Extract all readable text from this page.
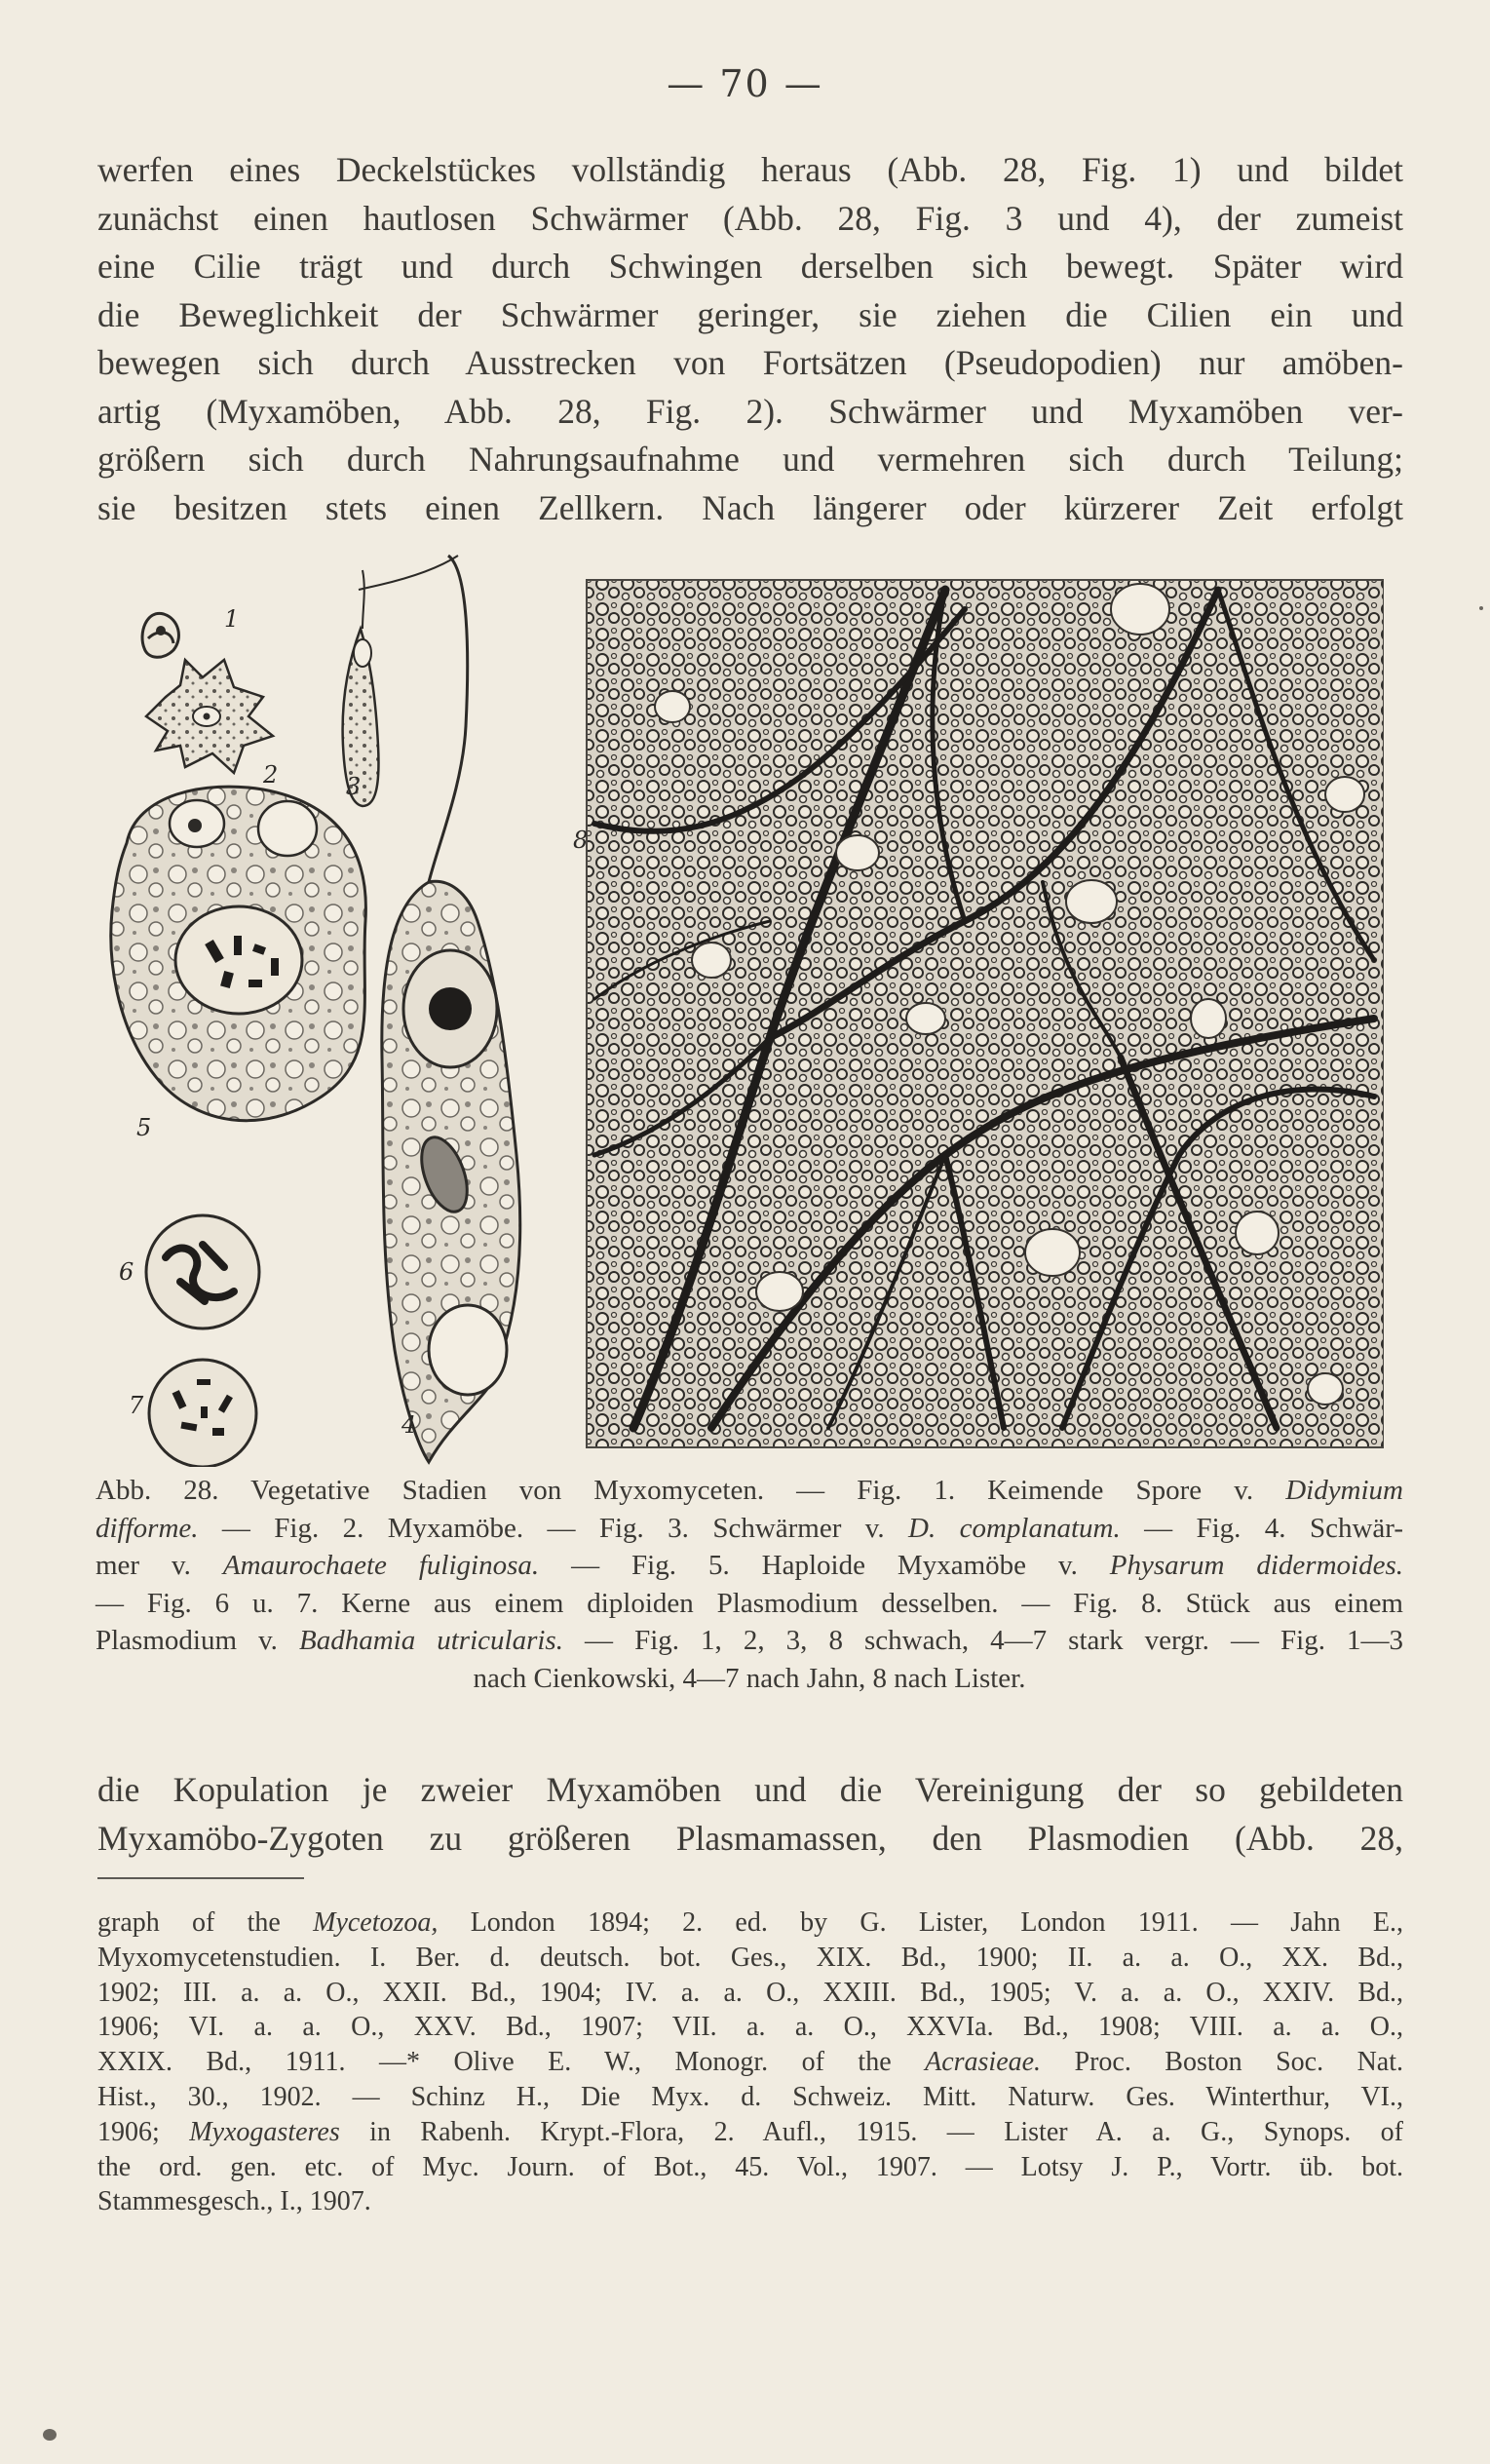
— 70 —
werfen eines Deckelstückes vollständig heraus (Abb. 28, Fig. 1) und bildet
zunächst einen hautlosen Schwärmer (Abb. 28, Fig. 3 und 4), der zumeist
eine Cilie trägt und durch Schwingen derselben sich bewegt. Später wird
die Beweglichkeit der Schwärmer geringer, sie ziehen die Cilien ein und
bewegen sich durch Ausstrecken von Fortsätzen (Pseudopodien) nur amöben-
artig (Myxamöben, Abb. 28, Fig. 2). Schwärmer und Myxamöben ver-
größern sich durch Nahrungsaufnahme und vermehren sich durch Teilung;
sie besitzen stets einen Zellkern. Nach längerer oder kürzerer Zeit erfolgt
1
2	3
4
5
6
7
8
Abb. 28. Vegetative Stadien von Myxomyceten. — Fig. 1. Keimende Spore v. Didymium
difforme. — Fig. 2. Myxamöbe. — Fig. 3. Schwärmer v. D. complanatum. — Fig. 4. Schwär-
mer v. Amaurochaete fuliginosa. — Fig. 5. Haploide Myxamöbe v. Physarum didermoides.
— Fig. 6 u. 7. Kerne aus einem diploiden Plasmodium desselben. — Fig. 8. Stück aus einem
Plasmodium v. Badhamia utricularis. — Fig. 1, 2, 3, 8 schwach, 4—7 stark vergr. — Fig. 1—3
nach Cienkowski, 4—7 nach Jahn, 8 nach Lister.
die Kopulation je zweier Myxamöben und die Vereinigung der so gebildeten
Myxamöbo-Zygoten zu größeren Plasmamassen, den Plasmodien (Abb. 28,
graph of the Mycetozoa, London 1894; 2. ed. by G. Lister, London 1911. — Jahn E.,
Myxomycetenstudien. I. Ber. d. deutsch. bot. Ges., XIX. Bd., 1900; II. a. a. O., XX. Bd.,
1902; III. a. a. O., XXII. Bd., 1904; IV. a. a. O., XXIII. Bd., 1905; V. a. a. O., XXIV. Bd.,
1906; VI. a. a. O., XXV. Bd., 1907; VII. a. a. O., XXVIa. Bd., 1908; VIII. a. a. O.,
XXIX. Bd., 1911. —* Olive E. W., Monogr. of the Acrasieae. Proc. Boston Soc. Nat.
Hist., 30., 1902. — Schinz H., Die Myx. d. Schweiz. Mitt. Naturw. Ges. Winterthur, VI.,
1906; Myxogasteres in Rabenh. Krypt.-Flora, 2. Aufl., 1915. — Lister A. a. G., Synops. of
the ord. gen. etc. of Myc. Journ. of Bot., 45. Vol., 1907. — Lotsy J. P., Vortr. üb. bot.
Stammesgesch., I., 1907.
